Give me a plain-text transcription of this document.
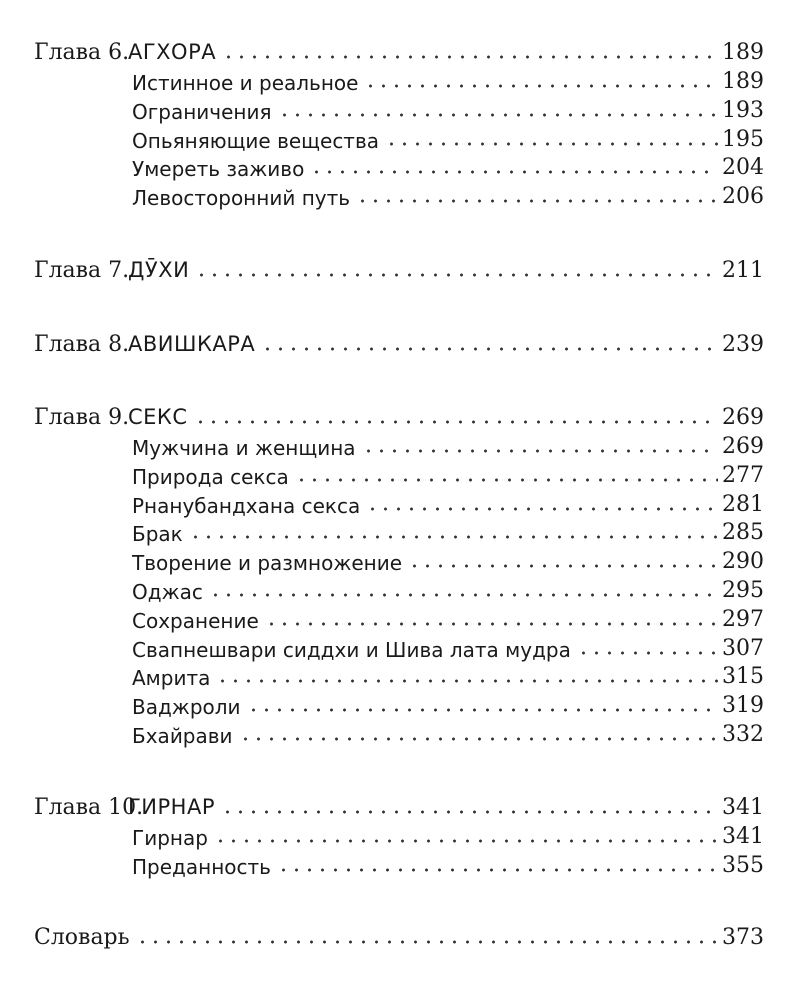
Глава 6.АГХОРА	189
Истинное и реальное	189
Ограничения	193
Опьяняющие вещества	195
Умереть заживо	204
Левосторонний путь	206
Глава 7.ДӮХИ	211
Глава 8.АВИШКАРА	239
Глава 9.СЕКС	269
Мужчина и женщина	269
Природа секса	277
Рнанубандхана секса	281
Брак	285
Творение и размножение	290
Оджас	295
Сохранение	297
Свапнешвари сиддхи и Шива лата мудра	307
Амрита	315
Ваджроли	319
Бхайрави	332
Глава 10.ГИРНАР	341
Гирнар	341
Преданность	355
Словарь	373
